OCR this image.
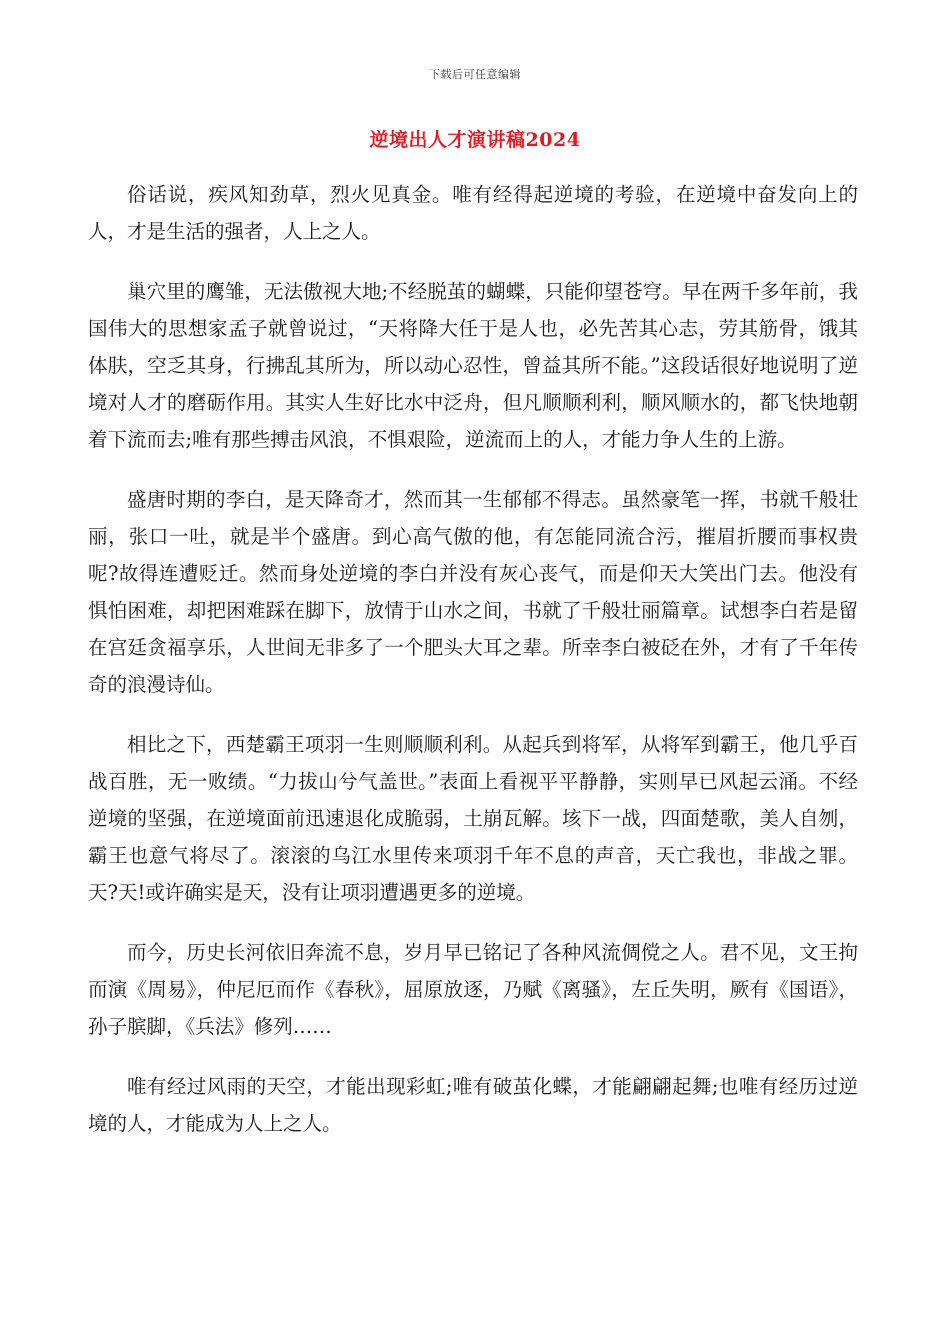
下载后可任意编辑
逆境出人才演讲稿2024

俗话说，疾风知劲草，烈火见真金。唯有经得起逆境的考验，在逆境中奋发向上的人，才是生活的强者，人上之人。

巢穴里的鹰雏，无法傲视大地;不经脱茧的蝴蝶，只能仰望苍穹。早在两千多年前，我国伟大的思想家孟子就曾说过，“天将降大任于是人也，必先苦其心志，劳其筋骨，饿其体肤，空乏其身，行拂乱其所为，所以动心忍性，曾益其所不能。”这段话很好地说明了逆境对人才的磨砺作用。其实人生好比水中泛舟，但凡顺顺利利，顺风顺水的，都飞快地朝着下流而去;唯有那些搏击风浪，不惧艰险，逆流而上的人，才能力争人生的上游。

盛唐时期的李白，是天降奇才，然而其一生郁郁不得志。虽然豪笔一挥，书就千般壮丽，张口一吐，就是半个盛唐。到心高气傲的他，有怎能同流合污，摧眉折腰而事权贵呢?故得连遭贬迁。然而身处逆境的李白并没有灰心丧气，而是仰天大笑出门去。他没有惧怕困难，却把困难踩在脚下，放情于山水之间，书就了千般壮丽篇章。试想李白若是留在宫廷贪福享乐，人世间无非多了一个肥头大耳之辈。所幸李白被砭在外，才有了千年传奇的浪漫诗仙。

相比之下，西楚霸王项羽一生则顺顺利利。从起兵到将军，从将军到霸王，他几乎百战百胜，无一败绩。“力拔山兮气盖世。”表面上看视平平静静，实则早已风起云涌。不经逆境的坚强，在逆境面前迅速退化成脆弱，土崩瓦解。垓下一战，四面楚歌，美人自刎，霸王也意气将尽了。滚滚的乌江水里传来项羽千年不息的声音，天亡我也，非战之罪。天?天!或许确实是天，没有让项羽遭遇更多的逆境。

而今，历史长河依旧奔流不息，岁月早已铭记了各种风流倜傥之人。君不见，文王拘而演《周易》，仲尼厄而作《春秋》，屈原放逐，乃赋《离骚》，左丘失明，厥有《国语》，孙子膑脚，《兵法》修列……

唯有经过风雨的天空，才能出现彩虹;唯有破茧化蝶，才能翩翩起舞;也唯有经历过逆境的人，才能成为人上之人。
